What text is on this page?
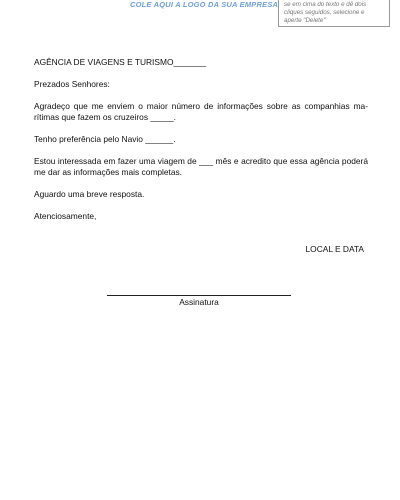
COLE AQUI A LOGO DA SUA EMPRESA se em cima do texto e dê dois
cliques seguidos, selecione e
aperte "Delete"

AGÊNCIA DE VIAGENS E TURISMO_______

Prezados Senhores:

Agradeço que me enviem o maior número de informações sobre as companhias ma-rítimas que fazem os cruzeiros _____.

Tenho preferência pelo Navio ______.

Estou interessada em fazer uma viagem de ___ mês e acredito que essa agência poderá me dar as informações mais completas.

Aguardo uma breve resposta.

Atenciosamente,

LOCAL E DATA
Assinatura
